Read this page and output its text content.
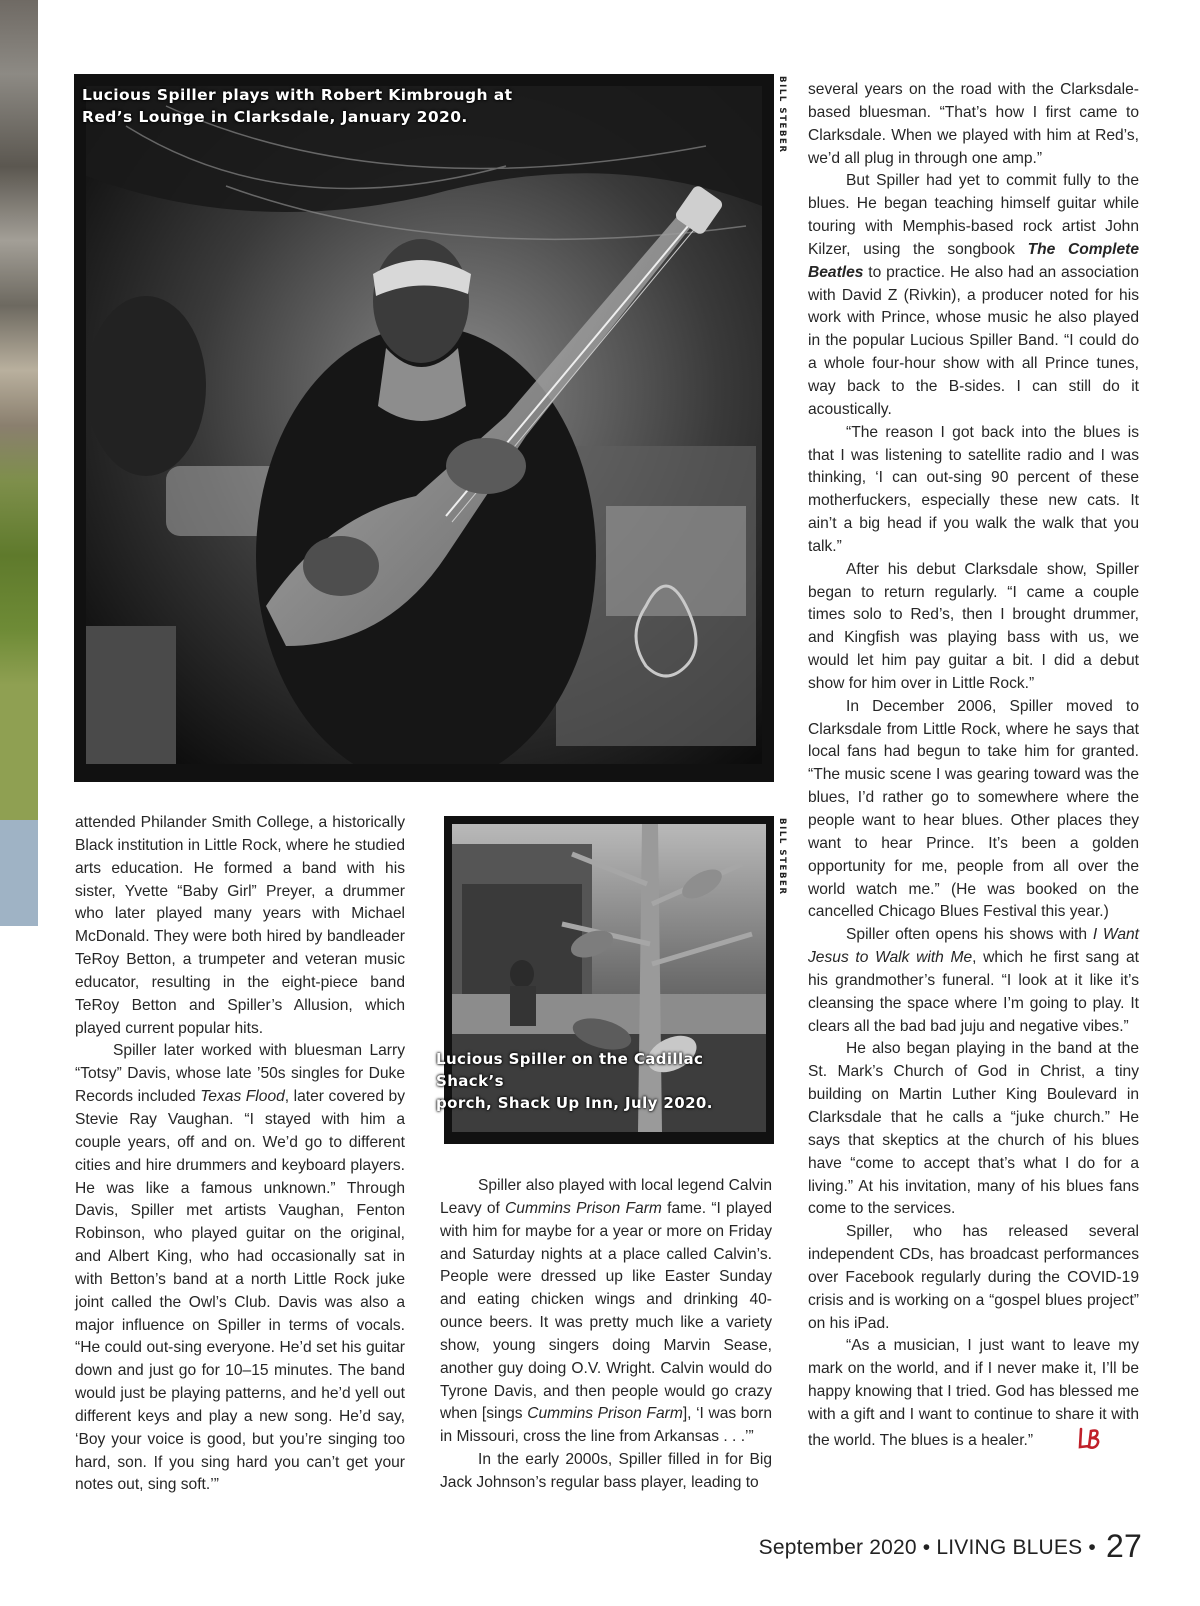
Lucious Spiller plays with Robert Kimbrough at
Red’s Lounge in Clarksdale, January 2020.	BILL STEBER
Lucious Spiller on the Cadillac Shack’s
porch, Shack Up Inn, July 2020.
BILL STEBER

attended Philander Smith College, a historically Black institution in Little Rock, where he studied arts education. He formed a band with his sister, Yvette “Baby Girl” Preyer, a drummer who later played many years with Michael McDonald. They were both hired by bandleader TeRoy Betton, a trumpeter and veteran music educator, resulting in the eight-piece band TeRoy Betton and Spiller’s Allusion, which played current popular hits.

Spiller later worked with bluesman Larry “Totsy” Davis, whose late ’50s singles for Duke Records included Texas Flood, later covered by Stevie Ray Vaughan. “I stayed with him a couple years, off and on. We’d go to different cities and hire drummers and keyboard players. He was like a famous unknown.” Through Davis, Spiller met artists Vaughan, Fenton Robinson, who played guitar on the original, and Albert King, who had occasionally sat in with Betton’s band at a north Little Rock juke joint called the Owl’s Club. Davis was also a major influence on Spiller in terms of vocals. “He could out-sing everyone. He’d set his guitar down and just go for 10–15 minutes. The band would just be playing patterns, and he’d yell out different keys and play a new song. He’d say, ‘Boy your voice is good, but you’re singing too hard, son. If you sing hard you can’t get your notes out, sing soft.’”

Spiller also played with local legend Calvin Leavy of Cummins Prison Farm fame. “I played with him for maybe for a year or more on Friday and Saturday nights at a place called Calvin’s. People were dressed up like Easter Sunday and eating chicken wings and drinking 40-ounce beers. It was pretty much like a variety show, young singers doing Marvin Sease, another guy doing O.V. Wright. Calvin would do Tyrone Davis, and then people would go crazy when [sings Cummins Prison Farm], ‘I was born in Missouri, cross the line from Arkansas . . .’”

In the early 2000s, Spiller filled in for Big Jack Johnson’s regular bass player, leading to

several years on the road with the Clarksdale-based bluesman. “That’s how I first came to Clarksdale. When we played with him at Red’s, we’d all plug in through one amp.”

But Spiller had yet to commit fully to the blues. He began teaching himself guitar while touring with Memphis-based rock artist John Kilzer, using the songbook The Complete Beatles to practice. He also had an association with David Z (Rivkin), a producer noted for his work with Prince, whose music he also played in the popular Lucious Spiller Band. “I could do a whole four-hour show with all Prince tunes, way back to the B-sides. I can still do it acoustically.

“The reason I got back into the blues is that I was listening to satellite radio and I was thinking, ‘I can out-sing 90 percent of these motherfuckers, especially these new cats. It ain’t a big head if you walk the walk that you talk.”

After his debut Clarksdale show, Spiller began to return regularly. “I came a couple times solo to Red’s, then I brought drummer, and Kingfish was playing bass with us, we would let him pay guitar a bit. I did a debut show for him over in Little Rock.”

In December 2006, Spiller moved to Clarksdale from Little Rock, where he says that local fans had begun to take him for granted. “The music scene I was gearing toward was the blues, I’d rather go to somewhere where the people want to hear blues. Other places they want to hear Prince. It’s been a golden opportunity for me, people from all over the world watch me.” (He was booked on the cancelled Chicago Blues Festival this year.)

Spiller often opens his shows with I Want Jesus to Walk with Me, which he first sang at his grandmother’s funeral. “I look at it like it’s cleansing the space where I’m going to play. It clears all the bad bad juju and negative vibes.”

He also began playing in the band at the St. Mark’s Church of God in Christ, a tiny building on Martin Luther King Boulevard in Clarksdale that he calls a “juke church.” He says that skeptics at the church of his blues have “come to accept that’s what I do for a living.” At his invitation, many of his blues fans come to the services.

Spiller, who has released several independent CDs, has broadcast performances over Facebook regularly during the COVID-19 crisis and is working on a “gospel blues project” on his iPad.

“As a musician, I just want to leave my mark on the world, and if I never make it, I’ll be happy knowing that I tried. God has blessed me with a gift and I want to continue to share it with the world. The blues is a healer.”
LB

September 2020 • LIVING BLUES • 27
